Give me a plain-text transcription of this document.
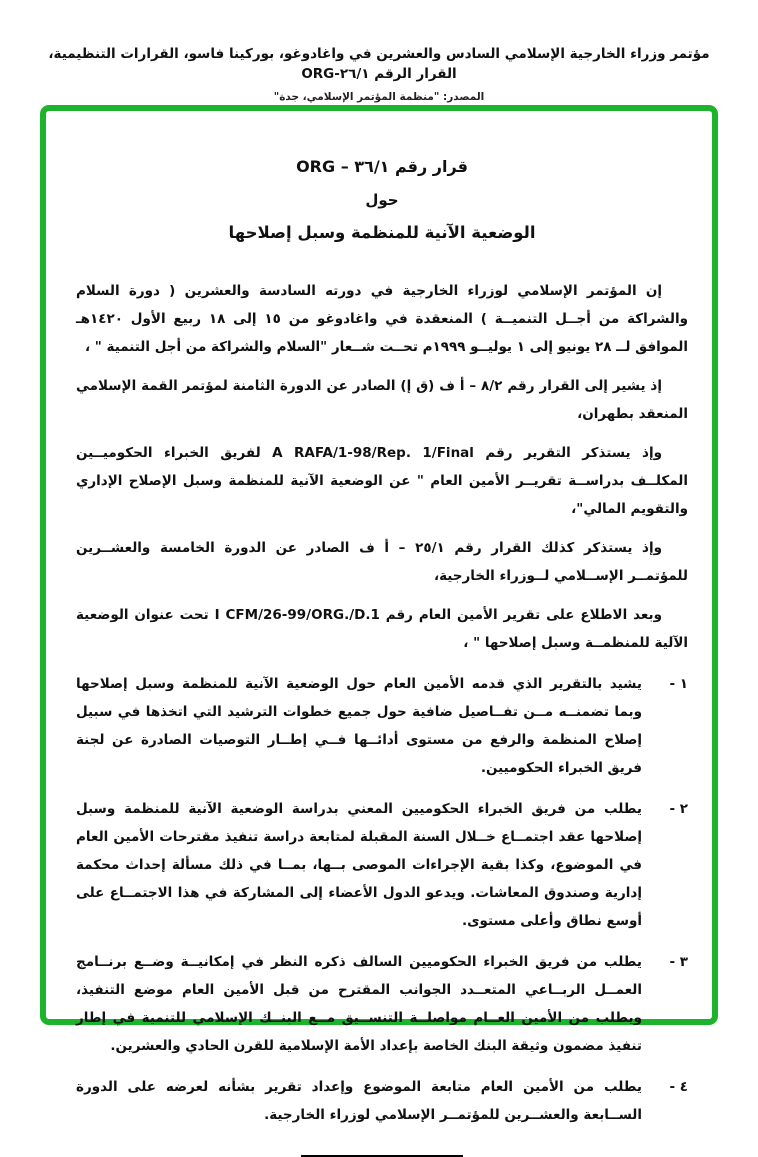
مؤتمر وزراء الخارجية الإسلامي السادس والعشرين في واغادوغو، بوركينا فاسو، القرارات التنظيمية، القرار الرقم ٢٦/١-ORG
المصدر: "منظمة المؤتمر الإسلامي، جدة"
قرار رقم ٣٦/١ – ORG
حول
الوضعية الآنية للمنظمة وسبل إصلاحها
إن المؤتمر الإسلامي لوزراء الخارجية في دورته السادسة والعشرين ( دورة السلام والشراكة من أجــل التنميــة ) المنعقدة في واغادوغو من ١٥ إلى ١٨ ربيع الأول ١٤٢٠هـ الموافق لــ ٢٨ يونيو إلى ١ يوليــو ١٩٩٩م تحــت شــعار "السلام والشراكة من أجل التنمية " ،
إذ يشير إلى القرار رقم ٨/٢ – أ ف (ق إ) الصادر عن الدورة الثامنة لمؤتمر القمة الإسلامي المنعقد بطهران،
وإذ يستذكر التقرير رقم A RAFA/1-98/Rep. 1/Final لفريق الخبراء الحكوميــين المكلــف بدراســة تقريــر الأمين العام " عن الوضعية الآنية للمنظمة وسبل الإصلاح الإداري والتقويم المالي"،
وإذ يستذكر كذلك القرار رقم ٢٥/١ – أ ف الصادر عن الدورة الخامسة والعشــرين للمؤتمــر الإســلامي لــوزراء الخارجية،
وبعد الاطلاع على تقرير الأمين العام رقم I CFM/26-99/ORG./D.1 تحت عنوان الوضعية الآلية للمنظمــة وسبل إصلاحها " ،
١ -
يشيد بالتقرير الذي قدمه الأمين العام حول الوضعية الآنية للمنظمة وسبل إصلاحها وبما تضمنــه مــن تفــاصيل ضافية حول جميع خطوات الترشيد التي اتخذها في سبيل إصلاح المنظمة والرفع من مستوى أدائــها فــي إطــار التوصيات الصادرة عن لجنة فريق الخبراء الحكوميين.
٢ -
يطلب من فريق الخبراء الحكوميين المعني بدراسة الوضعية الآنية للمنظمة وسبل إصلاحها عقد اجتمــاع خــلال السنة المقبلة لمتابعة دراسة تنفيذ مقترحات الأمين العام في الموضوع، وكذا بقية الإجراءات الموصى بــها، بمــا في ذلك مسألة إحداث محكمة إدارية وصندوق المعاشات. ويدعو الدول الأعضاء إلى المشاركة في هذا الاجتمــاع على أوسع نطاق وأعلى مستوى.
٣ -
يطلب من فريق الخبراء الحكوميين السالف ذكره النظر في إمكانيــة وضــع برنــامج العمــل الربــاعي المتعــدد الجوانب المقترح من قبل الأمين العام موضع التنفيذ، ويطلب من الأمين العــام مواصلــة التنســيق مــع البنــك الإسلامي للتنمية في إطار تنفيذ مضمون وثيقة البنك الخاصة بإعداد الأمة الإسلامية للقرن الحادي والعشرين.
٤ -
يطلب من الأمين العام متابعة الموضوع وإعداد تقرير بشأنه لعرضه على الدورة الســابعة والعشــرين للمؤتمــر الإسلامي لوزراء الخارجية.
